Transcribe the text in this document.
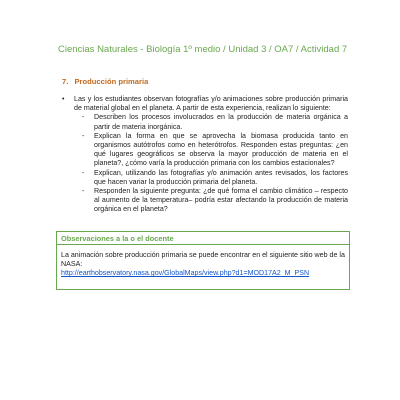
Ciencias Naturales - Biología 1º medio / Unidad 3 / OA7 / Actividad 7
7. Producción primaria
•	Las y los estudiantes observan fotografías y/o animaciones sobre producción primaria de material global en el planeta. A partir de esta experiencia, realizan lo siguiente:
-	Describen los procesos involucrados en la producción de materia orgánica a partir de materia inorgánica.
-	Explican la forma en que se aprovecha la biomasa producida tanto en organismos autótrofos como en heterótrofos. Responden estas preguntas: ¿en qué lugares geográficos se observa la mayor producción de materia en el planeta?, ¿cómo varía la producción primaria con los cambios estacionales?
-	Explican, utilizando las fotografías y/o animación antes revisados, los factores que hacen variar la producción primaria del planeta.
-	Responden la siguiente pregunta: ¿de qué forma el cambio climático – respecto al aumento de la temperatura– podría estar afectando la producción de materia orgánica en el planeta?
Observaciones a la o el docente
La animación sobre producción primaria se puede encontrar en el siguiente sitio web de la NASA:
http://earthobservatory.nasa.gov/GlobalMaps/view.php?d1=MOD17A2_M_PSN
